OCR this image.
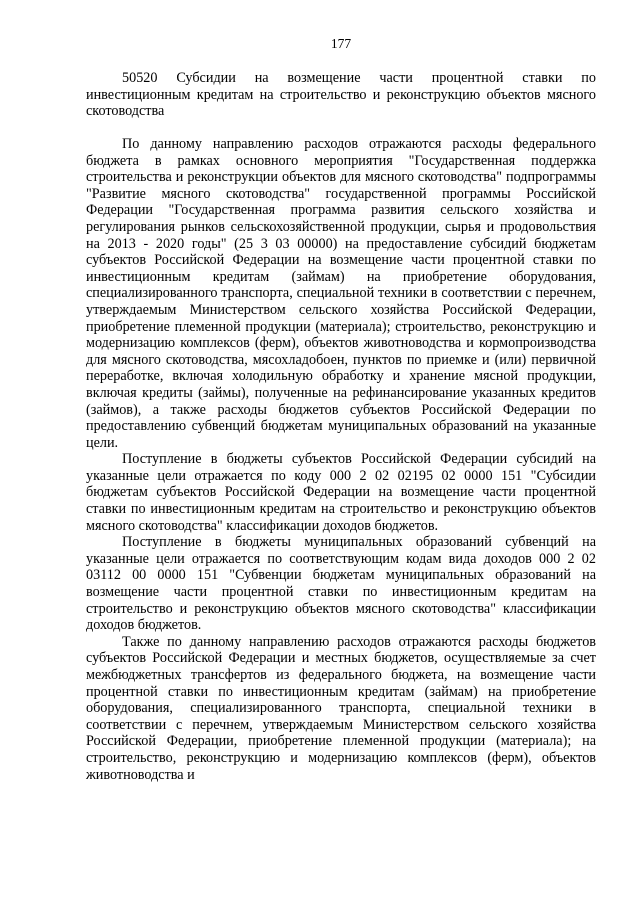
177
50520 Субсидии на возмещение части процентной ставки по инвестиционным кредитам на строительство и реконструкцию объектов мясного скотоводства

По данному направлению расходов отражаются расходы федерального бюджета в рамках основного мероприятия "Государственная поддержка строительства и реконструкции объектов для мясного скотоводства" подпрограммы "Развитие мясного скотоводства" государственной программы Российской Федерации "Государственная программа развития сельского хозяйства и регулирования рынков сельскохозяйственной продукции, сырья и продовольствия на 2013 - 2020 годы" (25 3 03 00000) на предоставление субсидий бюджетам субъектов Российской Федерации на возмещение части процентной ставки по инвестиционным кредитам (займам) на приобретение оборудования, специализированного транспорта, специальной техники в соответствии с перечнем, утверждаемым Министерством сельского хозяйства Российской Федерации, приобретение племенной продукции (материала); строительство, реконструкцию и модернизацию комплексов (ферм), объектов животноводства и кормопроизводства для мясного скотоводства, мясохладобоен, пунктов по приемке и (или) первичной переработке, включая холодильную обработку и хранение мясной продукции, включая кредиты (займы), полученные на рефинансирование указанных кредитов (займов), а также расходы бюджетов субъектов Российской Федерации по предоставлению субвенций бюджетам муниципальных образований на указанные цели.

Поступление в бюджеты субъектов Российской Федерации субсидий на указанные цели отражается по коду 000 2 02 02195 02 0000 151 "Субсидии бюджетам субъектов Российской Федерации на возмещение части процентной ставки по инвестиционным кредитам на строительство и реконструкцию объектов мясного скотоводства" классификации доходов бюджетов.

Поступление в бюджеты муниципальных образований субвенций на указанные цели отражается по соответствующим кодам вида доходов 000 2 02 03112 00 0000 151 "Субвенции бюджетам муниципальных образований на возмещение части процентной ставки по инвестиционным кредитам на строительство и реконструкцию объектов мясного скотоводства" классификации доходов бюджетов.

Также по данному направлению расходов отражаются расходы бюджетов субъектов Российской Федерации и местных бюджетов, осуществляемые за счет межбюджетных трансфертов из федерального бюджета, на возмещение части процентной ставки по инвестиционным кредитам (займам) на приобретение оборудования, специализированного транспорта, специальной техники в соответствии с перечнем, утверждаемым Министерством сельского хозяйства Российской Федерации, приобретение племенной продукции (материала); на строительство, реконструкцию и модернизацию комплексов (ферм), объектов животноводства и
